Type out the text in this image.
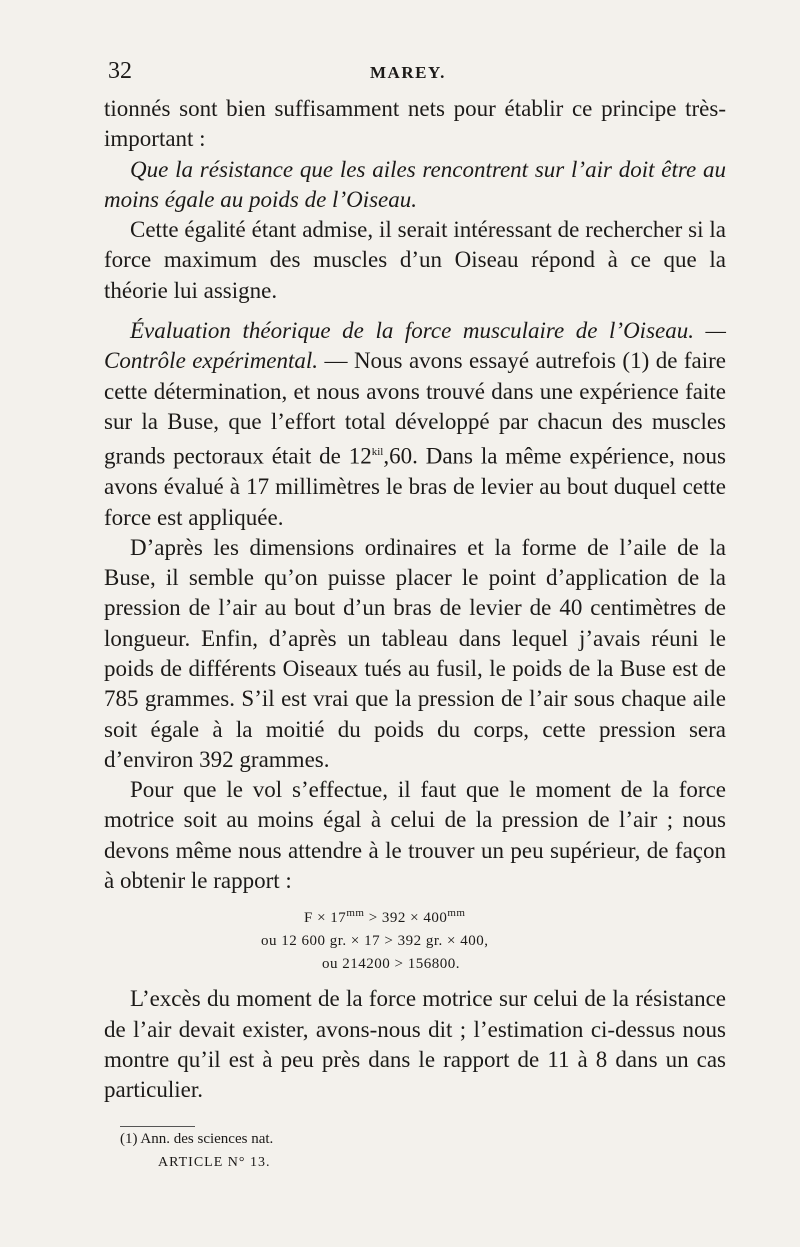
32	MAREY.

tionnés sont bien suffisamment nets pour établir ce principe très-important :

Que la résistance que les ailes rencontrent sur l’air doit être au moins égale au poids de l’Oiseau.

Cette égalité étant admise, il serait intéressant de rechercher si la force maximum des muscles d’un Oiseau répond à ce que la théorie lui assigne.

Évaluation théorique de la force musculaire de l’Oiseau. — Contrôle expérimental. — Nous avons essayé autrefois (1) de faire cette détermination, et nous avons trouvé dans une expérience faite sur la Buse, que l’effort total développé par chacun des muscles grands pectoraux était de $12^{kil},60$. Dans la même expérience, nous avons évalué à 17 millimètres le bras de levier au bout duquel cette force est appliquée.

D’après les dimensions ordinaires et la forme de l’aile de la Buse, il semble qu’on puisse placer le point d’application de la pression de l’air au bout d’un bras de levier de 40 centimètres de longueur. Enfin, d’après un tableau dans lequel j’avais réuni le poids de différents Oiseaux tués au fusil, le poids de la Buse est de 785 grammes. S’il est vrai que la pression de l’air sous chaque aile soit égale à la moitié du poids du corps, cette pression sera d’environ 392 grammes.

Pour que le vol s’effectue, il faut que le moment de la force motrice soit au moins égal à celui de la pression de l’air ; nous devons même nous attendre à le trouver un peu supérieur, de façon à obtenir le rapport :

$F \times 17^{mm} > 392 \times 400^{mm}$
ou 12 600 gr. × 17 > 392 gr. × 400,
ou 214200 > 156800.

L’excès du moment de la force motrice sur celui de la résistance de l’air devait exister, avons-nous dit ; l’estimation ci-dessus nous montre qu’il est à peu près dans le rapport de 11 à 8 dans un cas particulier.

(1) Ann. des sciences nat.
ARTICLE N° 13.
